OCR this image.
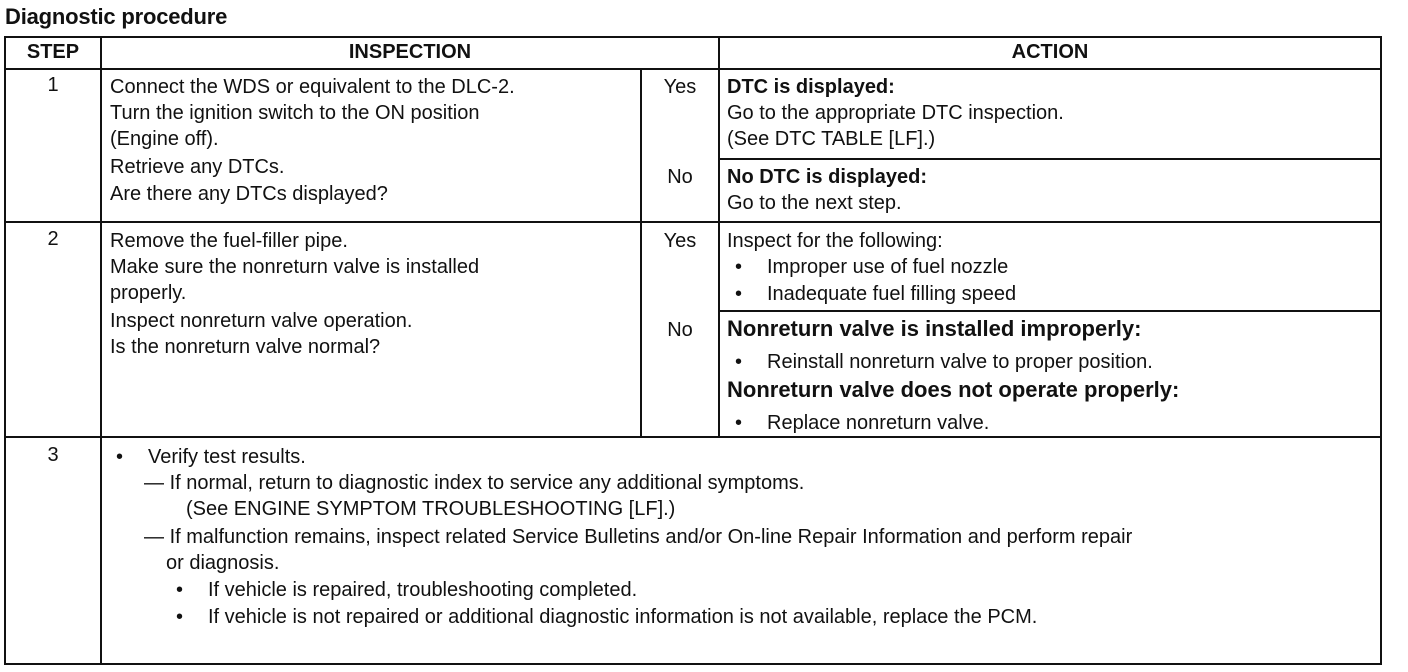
Diagnostic procedure
STEP	INSPECTION	ACTION
1	Connect the WDS or equivalent to the DLC-2.
Turn the ignition switch to the ON position
(Engine off).
Retrieve any DTCs.
Are there any DTCs displayed?
Yes	DTC is displayed:
Go to the appropriate DTC inspection.
(See DTC TABLE [LF].)
No	No DTC is displayed:
Go to the next step.
2	Remove the fuel-filler pipe.
Make sure the nonreturn valve is installed
properly.
Inspect nonreturn valve operation.
Is the nonreturn valve normal?
Yes	Inspect for the following:
• Improper use of fuel nozzle
• Inadequate fuel filling speed
No	Nonreturn valve is installed improperly:
• Reinstall nonreturn valve to proper position.
Nonreturn valve does not operate properly:
• Replace nonreturn valve.
3
•	Verify test results.
— If normal, return to diagnostic index to service any additional symptoms.
(See ENGINE SYMPTOM TROUBLESHOOTING [LF].)
— If malfunction remains, inspect related Service Bulletins and/or On-line Repair Information and perform repair
or diagnosis.
• If vehicle is repaired, troubleshooting completed.
• If vehicle is not repaired or additional diagnostic information is not available, replace the PCM.
